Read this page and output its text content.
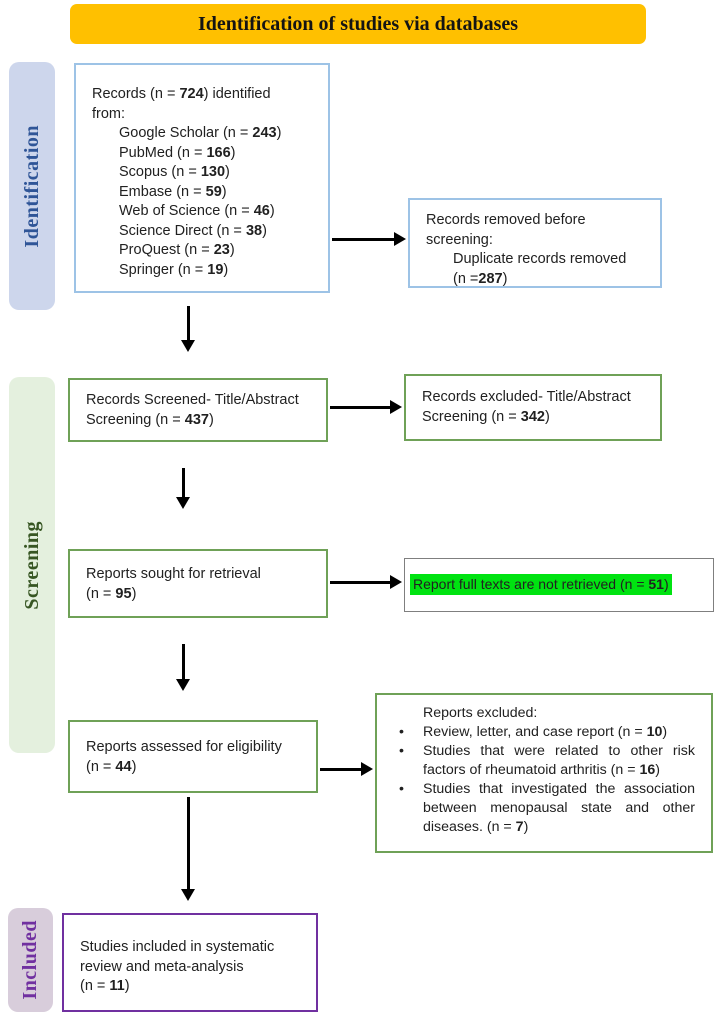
Identification of studies via databases
Identification
Screening
Included
Records (n = 724) identified
from:
Google Scholar (n = 243)
PubMed (n = 166)
Scopus (n = 130)
Embase (n = 59)
Web of Science (n = 46)
Science Direct (n = 38)
ProQuest (n = 23)
Springer (n = 19)
Records removed before
screening:
Duplicate records removed
(n =287)
Records Screened- Title/Abstract
Screening (n = 437)
Records excluded- Title/Abstract
Screening (n = 342)
Reports sought for retrieval
(n = 95)
Report full texts are not retrieved (n = 51)
Reports assessed for eligibility
(n = 44)
Reports excluded:
• Review, letter, and case report (n = 10)
• Studies that were related to other risk factors of rheumatoid arthritis (n = 16)
• Studies that investigated the association between menopausal state and other diseases. (n = 7)
Studies included in systematic
review and meta-analysis
(n = 11)
